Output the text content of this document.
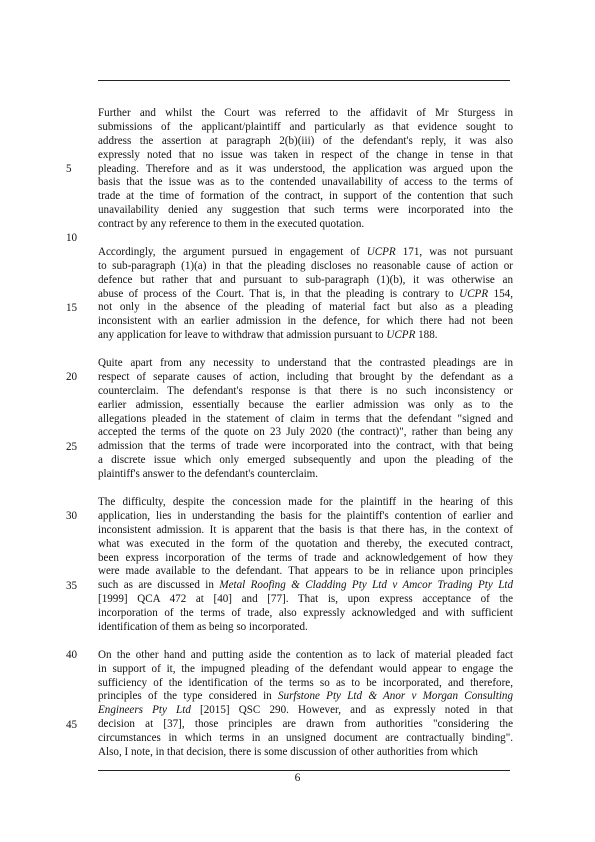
5
10
15
20
25
30
35
40
45
Further and whilst the Court was referred to the affidavit of Mr Sturgess in
submissions of the applicant/plaintiff and particularly as that evidence sought to
address the assertion at paragraph 2(b)(iii) of the defendant's reply, it was also
expressly noted that no issue was taken in respect of the change in tense in that
pleading. Therefore and as it was understood, the application was argued upon the
basis that the issue was as to the contended unavailability of access to the terms of
trade at the time of formation of the contract, in support of the contention that such
unavailability denied any suggestion that such terms were incorporated into the
contract by any reference to them in the executed quotation.
Accordingly, the argument pursued in engagement of UCPR 171, was not pursuant
to sub-paragraph (1)(a) in that the pleading discloses no reasonable cause of action or
defence but rather that and pursuant to sub-paragraph (1)(b), it was otherwise an
abuse of process of the Court. That is, in that the pleading is contrary to UCPR 154,
not only in the absence of the pleading of material fact but also as a pleading
inconsistent with an earlier admission in the defence, for which there had not been
any application for leave to withdraw that admission pursuant to UCPR 188.
Quite apart from any necessity to understand that the contrasted pleadings are in
respect of separate causes of action, including that brought by the defendant as a
counterclaim. The defendant's response is that there is no such inconsistency or
earlier admission, essentially because the earlier admission was only as to the
allegations pleaded in the statement of claim in terms that the defendant "signed and
accepted the terms of the quote on 23 July 2020 (the contract)", rather than being any
admission that the terms of trade were incorporated into the contract, with that being
a discrete issue which only emerged subsequently and upon the pleading of the
plaintiff's answer to the defendant's counterclaim.
The difficulty, despite the concession made for the plaintiff in the hearing of this
application, lies in understanding the basis for the plaintiff's contention of earlier and
inconsistent admission. It is apparent that the basis is that there has, in the context of
what was executed in the form of the quotation and thereby, the executed contract,
been express incorporation of the terms of trade and acknowledgement of how they
were made available to the defendant. That appears to be in reliance upon principles
such as are discussed in Metal Roofing & Cladding Pty Ltd v Amcor Trading Pty Ltd
[1999] QCA 472 at [40] and [77]. That is, upon express acceptance of the
incorporation of the terms of trade, also expressly acknowledged and with sufficient
identification of them as being so incorporated.
On the other hand and putting aside the contention as to lack of material pleaded fact
in support of it, the impugned pleading of the defendant would appear to engage the
sufficiency of the identification of the terms so as to be incorporated, and therefore,
principles of the type considered in Surfstone Pty Ltd & Anor v Morgan Consulting
Engineers Pty Ltd [2015] QSC 290. However, and as expressly noted in that
decision at [37], those principles are drawn from authorities "considering the
circumstances in which terms in an unsigned document are contractually binding".
Also, I note, in that decision, there is some discussion of other authorities from which
6
